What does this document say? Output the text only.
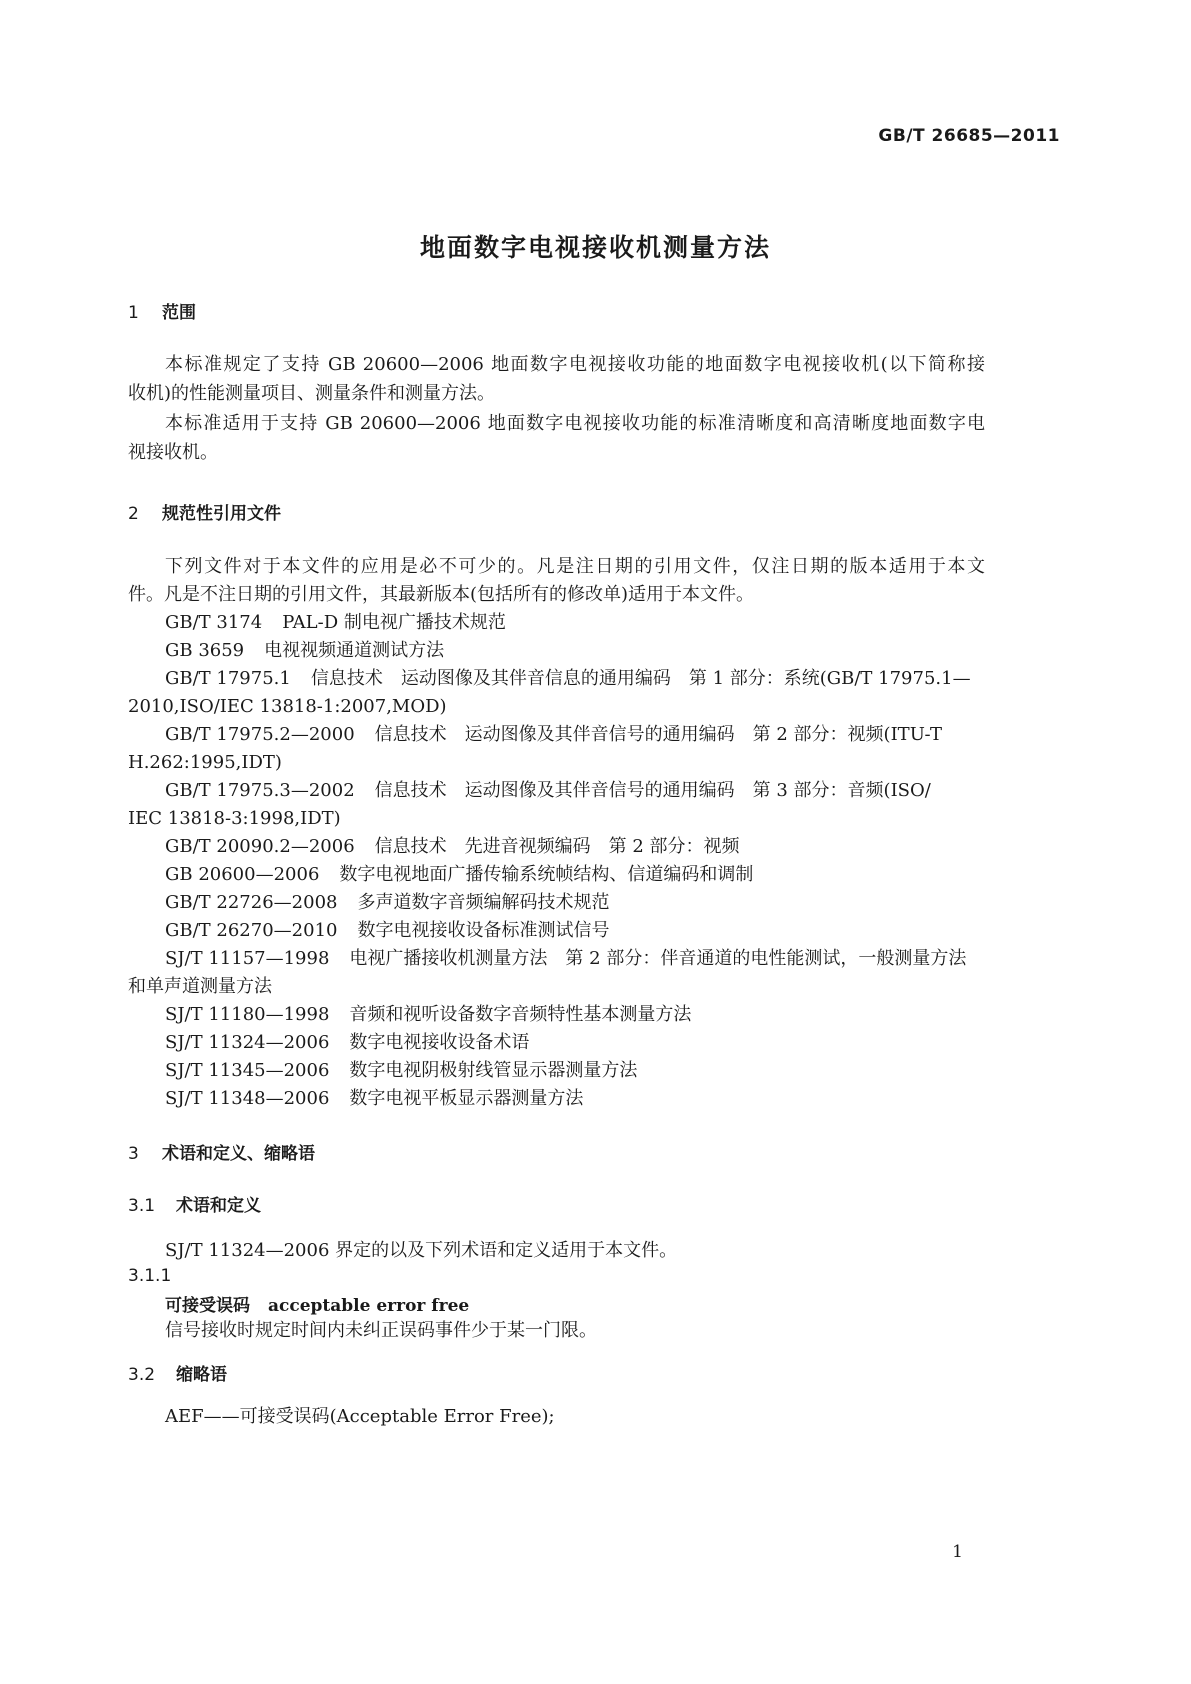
GB/T 26685—2011
地面数字电视接收机测量方法
1 范围
本标准规定了支持 GB 20600—2006 地面数字电视接收功能的地面数字电视接收机(以下简称接
收机)的性能测量项目、测量条件和测量方法。
本标准适用于支持 GB 20600—2006 地面数字电视接收功能的标准清晰度和高清晰度地面数字电
视接收机。
2 规范性引用文件
下列文件对于本文件的应用是必不可少的。凡是注日期的引用文件，仅注日期的版本适用于本文
件。凡是不注日期的引用文件，其最新版本(包括所有的修改单)适用于本文件。
GB/T 3174 PAL-D 制电视广播技术规范
GB 3659 电视视频通道测试方法
GB/T 17975.1 信息技术　运动图像及其伴音信息的通用编码　第 1 部分：系统(GB/T 17975.1—
2010,ISO/IEC 13818-1:2007,MOD)
GB/T 17975.2—2000 信息技术　运动图像及其伴音信号的通用编码　第 2 部分：视频(ITU-T
H.262:1995,IDT)
GB/T 17975.3—2002 信息技术　运动图像及其伴音信号的通用编码　第 3 部分：音频(ISO/
IEC 13818-3:1998,IDT)
GB/T 20090.2—2006 信息技术　先进音视频编码　第 2 部分：视频
GB 20600—2006 数字电视地面广播传输系统帧结构、信道编码和调制
GB/T 22726—2008 多声道数字音频编解码技术规范
GB/T 26270—2010 数字电视接收设备标准测试信号
SJ/T 11157—1998 电视广播接收机测量方法　第 2 部分：伴音通道的电性能测试，一般测量方法
和单声道测量方法
SJ/T 11180—1998 音频和视听设备数字音频特性基本测量方法
SJ/T 11324—2006 数字电视接收设备术语
SJ/T 11345—2006 数字电视阴极射线管显示器测量方法
SJ/T 11348—2006 数字电视平板显示器测量方法
3 术语和定义、缩略语
3.1 术语和定义
SJ/T 11324—2006 界定的以及下列术语和定义适用于本文件。
3.1.1
可接受误码 acceptable error free
信号接收时规定时间内未纠正误码事件少于某一门限。
3.2 缩略语
AEF——可接受误码(Acceptable Error Free);
1
